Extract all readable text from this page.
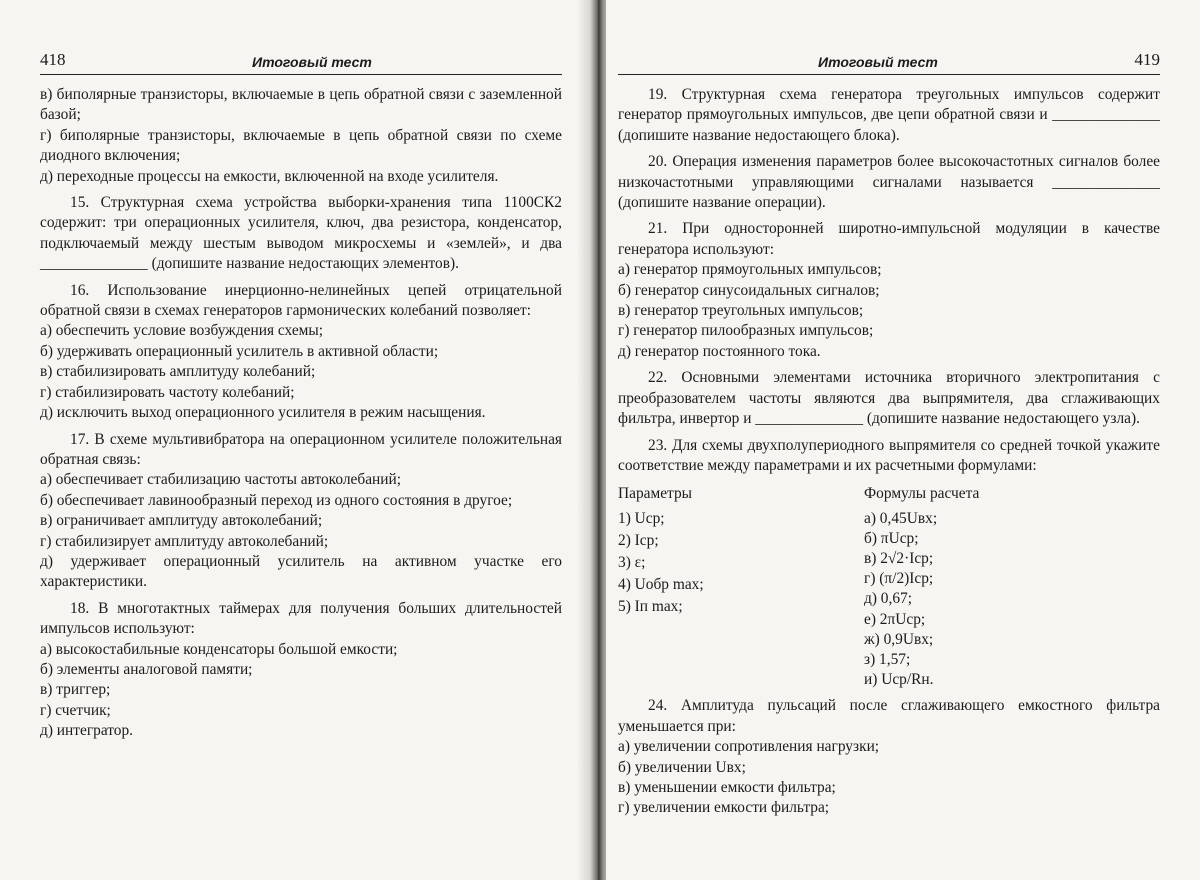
418	Итоговый тест

в) биполярные транзисторы, включаемые в цепь обратной связи с заземленной базой;

г) биполярные транзисторы, включаемые в цепь обратной связи по схеме диодного включения;

д) переходные процессы на емкости, включенной на входе усилителя.

15. Структурная схема устройства выборки-хранения типа 1100СК2 содержит: три операционных усилителя, ключ, два резистора, конденсатор, подключаемый между шестым выводом микросхемы и «землей», и два ______________ (допишите название недостающих элементов).

16. Использование инерционно-нелинейных цепей отрицательной обратной связи в схемах генераторов гармонических колебаний позволяет:

а) обеспечить условие возбуждения схемы;

б) удерживать операционный усилитель в активной области;

в) стабилизировать амплитуду колебаний;

г) стабилизировать частоту колебаний;

д) исключить выход операционного усилителя в режим насыщения.

17. В схеме мультивибратора на операционном усилителе положительная обратная связь:

а) обеспечивает стабилизацию частоты автоколебаний;

б) обеспечивает лавинообразный переход из одного состояния в другое;

в) ограничивает амплитуду автоколебаний;

г) стабилизирует амплитуду автоколебаний;

д) удерживает операционный усилитель на активном участке его характеристики.

18. В многотактных таймерах для получения больших длительностей импульсов используют:

а) высокостабильные конденсаторы большой емкости;

б) элементы аналоговой памяти;

в) триггер;

г) счетчик;

д) интегратор.

Итоговый тест	419

19. Структурная схема генератора треугольных импульсов содержит генератор прямоугольных импульсов, две цепи обратной связи и ______________ (допишите название недостающего блока).

20. Операция изменения параметров более высокочастотных сигналов более низкочастотными управляющими сигналами называется ______________ (допишите название операции).

21. При односторонней широтно-импульсной модуляции в качестве генератора используют:

а) генератор прямоугольных импульсов;

б) генератор синусоидальных сигналов;

в) генератор треугольных импульсов;

г) генератор пилообразных импульсов;

д) генератор постоянного тока.

22. Основными элементами источника вторичного электропитания с преобразователем частоты являются два выпрямителя, два сглаживающих фильтра, инвертор и ______________ (допишите название недостающего узла).

23. Для схемы двухполупериодного выпрямителя со средней точкой укажите соответствие между параметрами и их расчетными формулами:

Параметры
1) Uср;
2) Iср;
3) ε;
4) Uобр max;
5) Iп max;
Формулы расчета
а) 0,45Uвх;
б) πUср;
в) 2√2·Iср;
г) (π/2)Iср;
д) 0,67;
е) 2πUср;
ж) 0,9Uвх;
з) 1,57;
и) Uср/Rн.

24. Амплитуда пульсаций после сглаживающего емкостного фильтра уменьшается при:

а) увеличении сопротивления нагрузки;

б) увеличении Uвх;

в) уменьшении емкости фильтра;

г) увеличении емкости фильтра;
